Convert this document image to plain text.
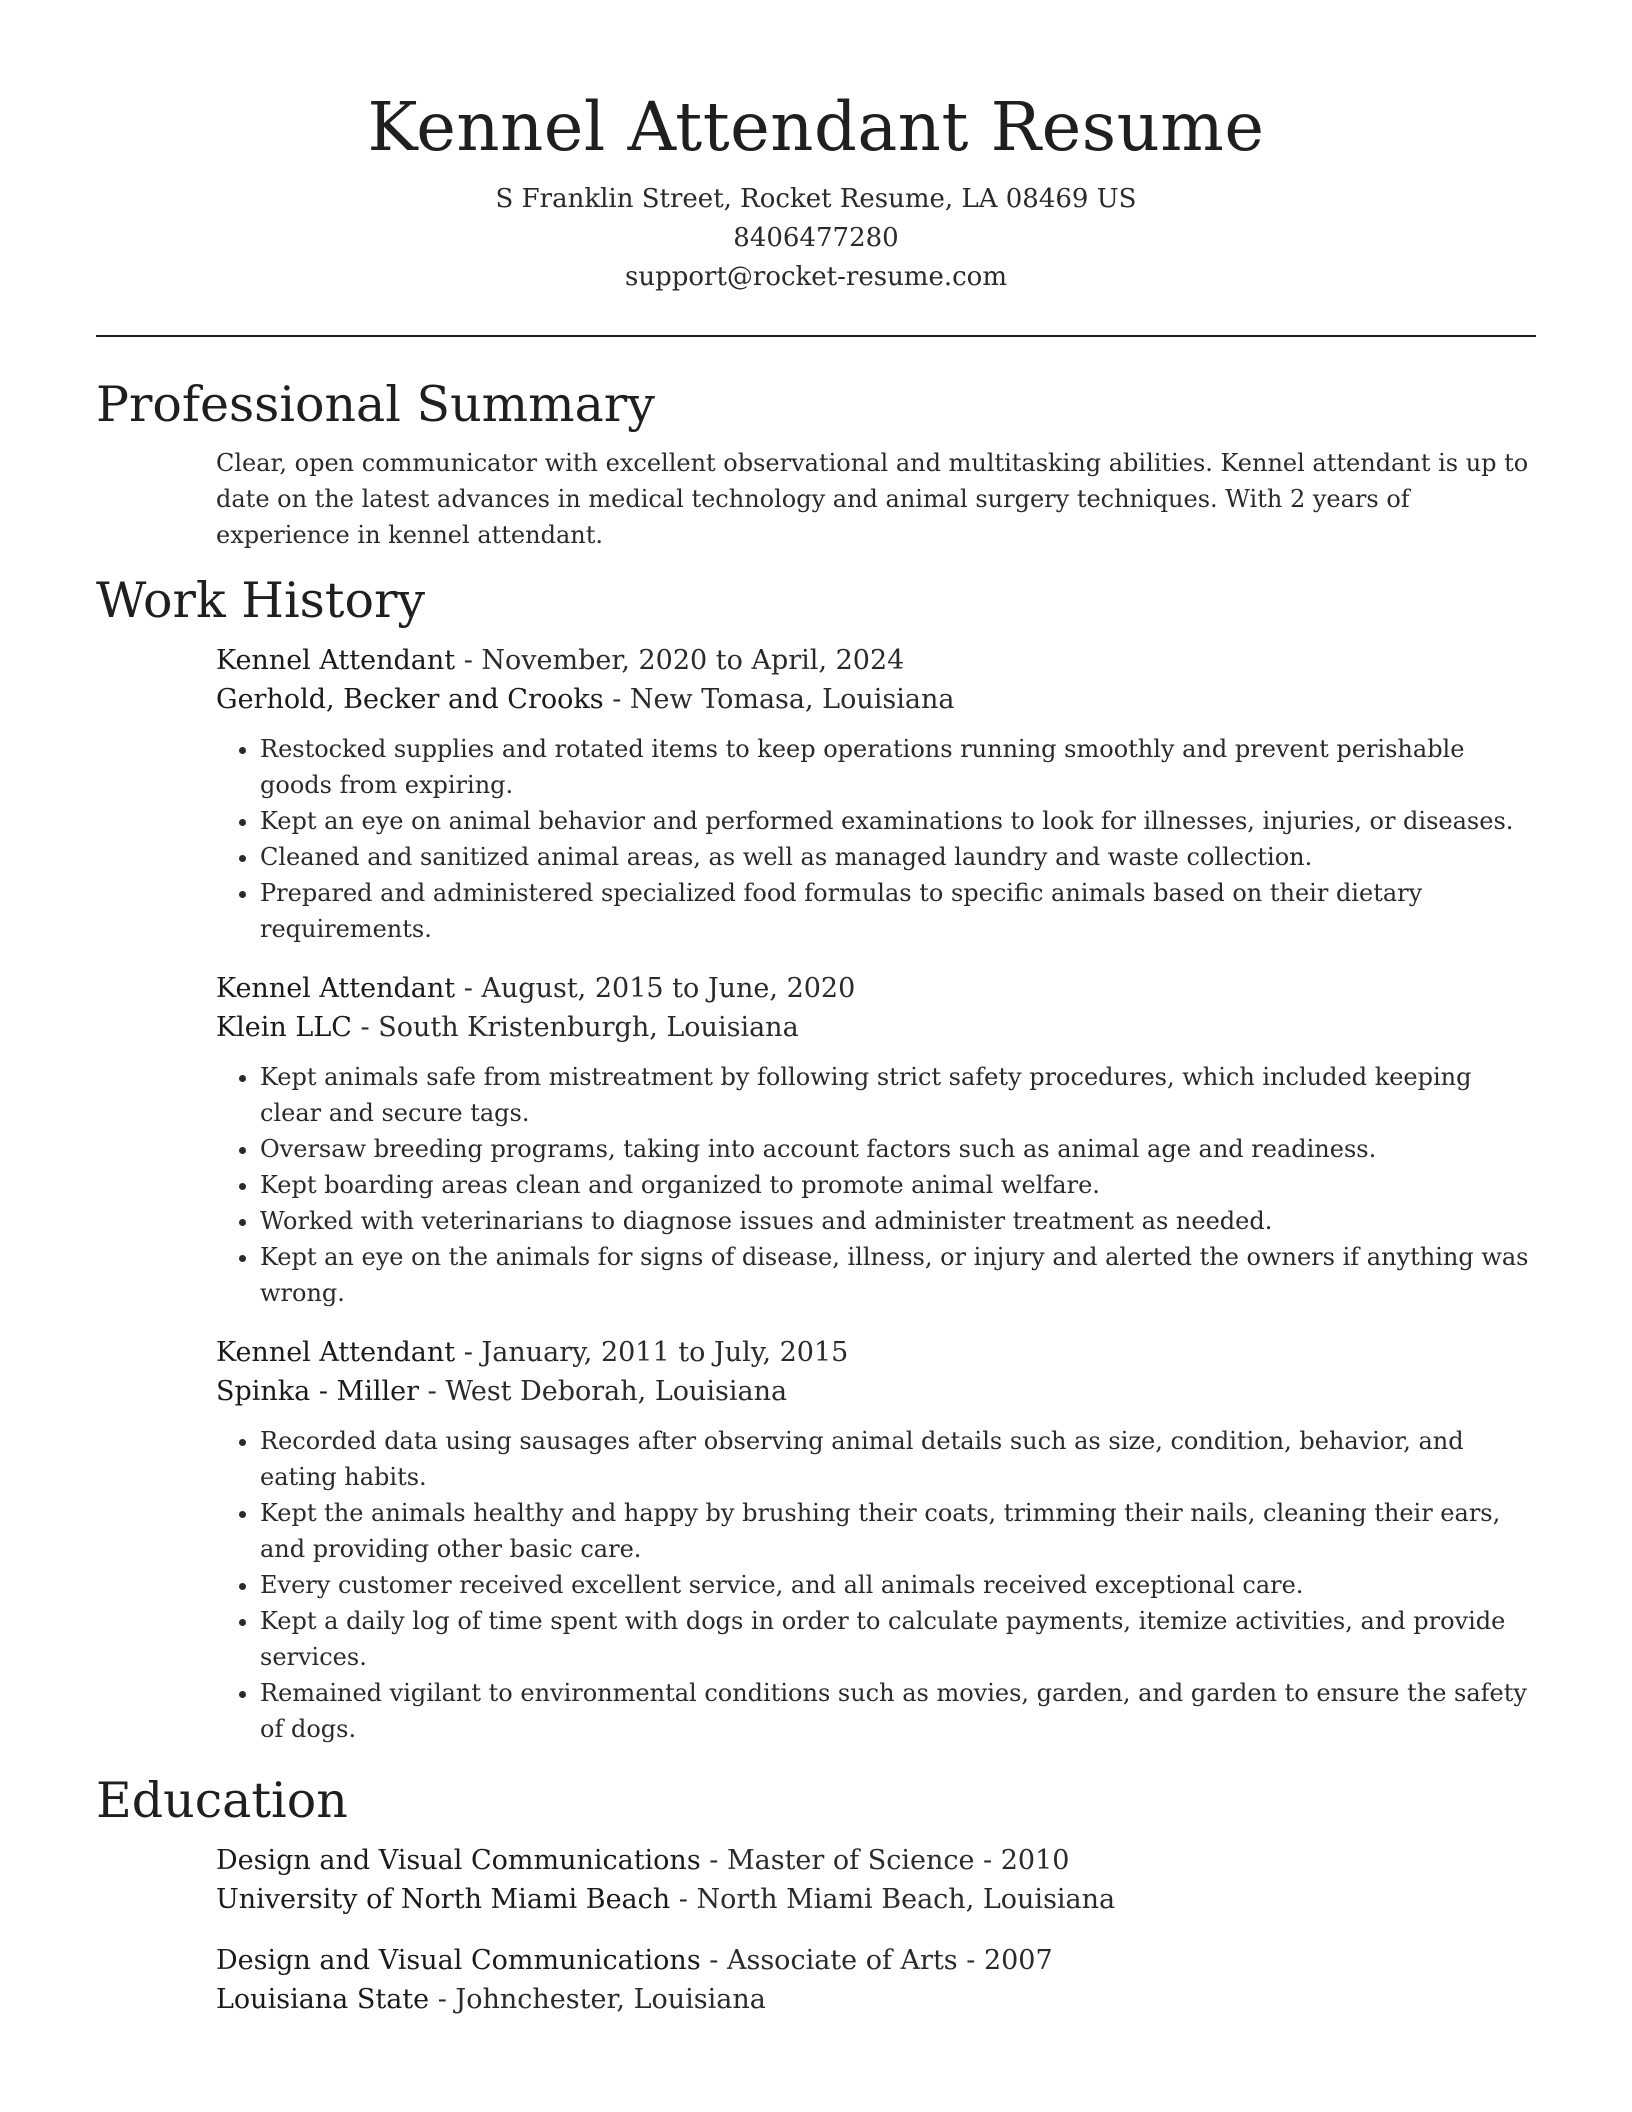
Kennel Attendant Resume
S Franklin Street, Rocket Resume, LA 08469 US
8406477280
support@rocket-resume.com
Professional Summary

Clear, open communicator with excellent observational and multitasking abilities. Kennel attendant is up to date on the latest advances in medical technology and animal surgery techniques. With 2 years of experience in kennel attendant.

Work History
Kennel Attendant - November, 2020 to April, 2024
Gerhold, Becker and Crooks - New Tomasa, Louisiana
• Restocked supplies and rotated items to keep operations running smoothly and prevent perishable goods from expiring.
• Kept an eye on animal behavior and performed examinations to look for illnesses, injuries, or diseases.
• Cleaned and sanitized animal areas, as well as managed laundry and waste collection.
• Prepared and administered specialized food formulas to specific animals based on their dietary requirements.
Kennel Attendant - August, 2015 to June, 2020
Klein LLC - South Kristenburgh, Louisiana
• Kept animals safe from mistreatment by following strict safety procedures, which included keeping clear and secure tags.
• Oversaw breeding programs, taking into account factors such as animal age and readiness.
• Kept boarding areas clean and organized to promote animal welfare.
• Worked with veterinarians to diagnose issues and administer treatment as needed.
• Kept an eye on the animals for signs of disease, illness, or injury and alerted the owners if anything was wrong.
Kennel Attendant - January, 2011 to July, 2015
Spinka - Miller - West Deborah, Louisiana
• Recorded data using sausages after observing animal details such as size, condition, behavior, and eating habits.
• Kept the animals healthy and happy by brushing their coats, trimming their nails, cleaning their ears, and providing other basic care.
• Every customer received excellent service, and all animals received exceptional care.
• Kept a daily log of time spent with dogs in order to calculate payments, itemize activities, and provide services.
• Remained vigilant to environmental conditions such as movies, garden, and garden to ensure the safety of dogs.
Education
Design and Visual Communications - Master of Science - 2010
University of North Miami Beach - North Miami Beach, Louisiana
Design and Visual Communications - Associate of Arts - 2007
Louisiana State - Johnchester, Louisiana
